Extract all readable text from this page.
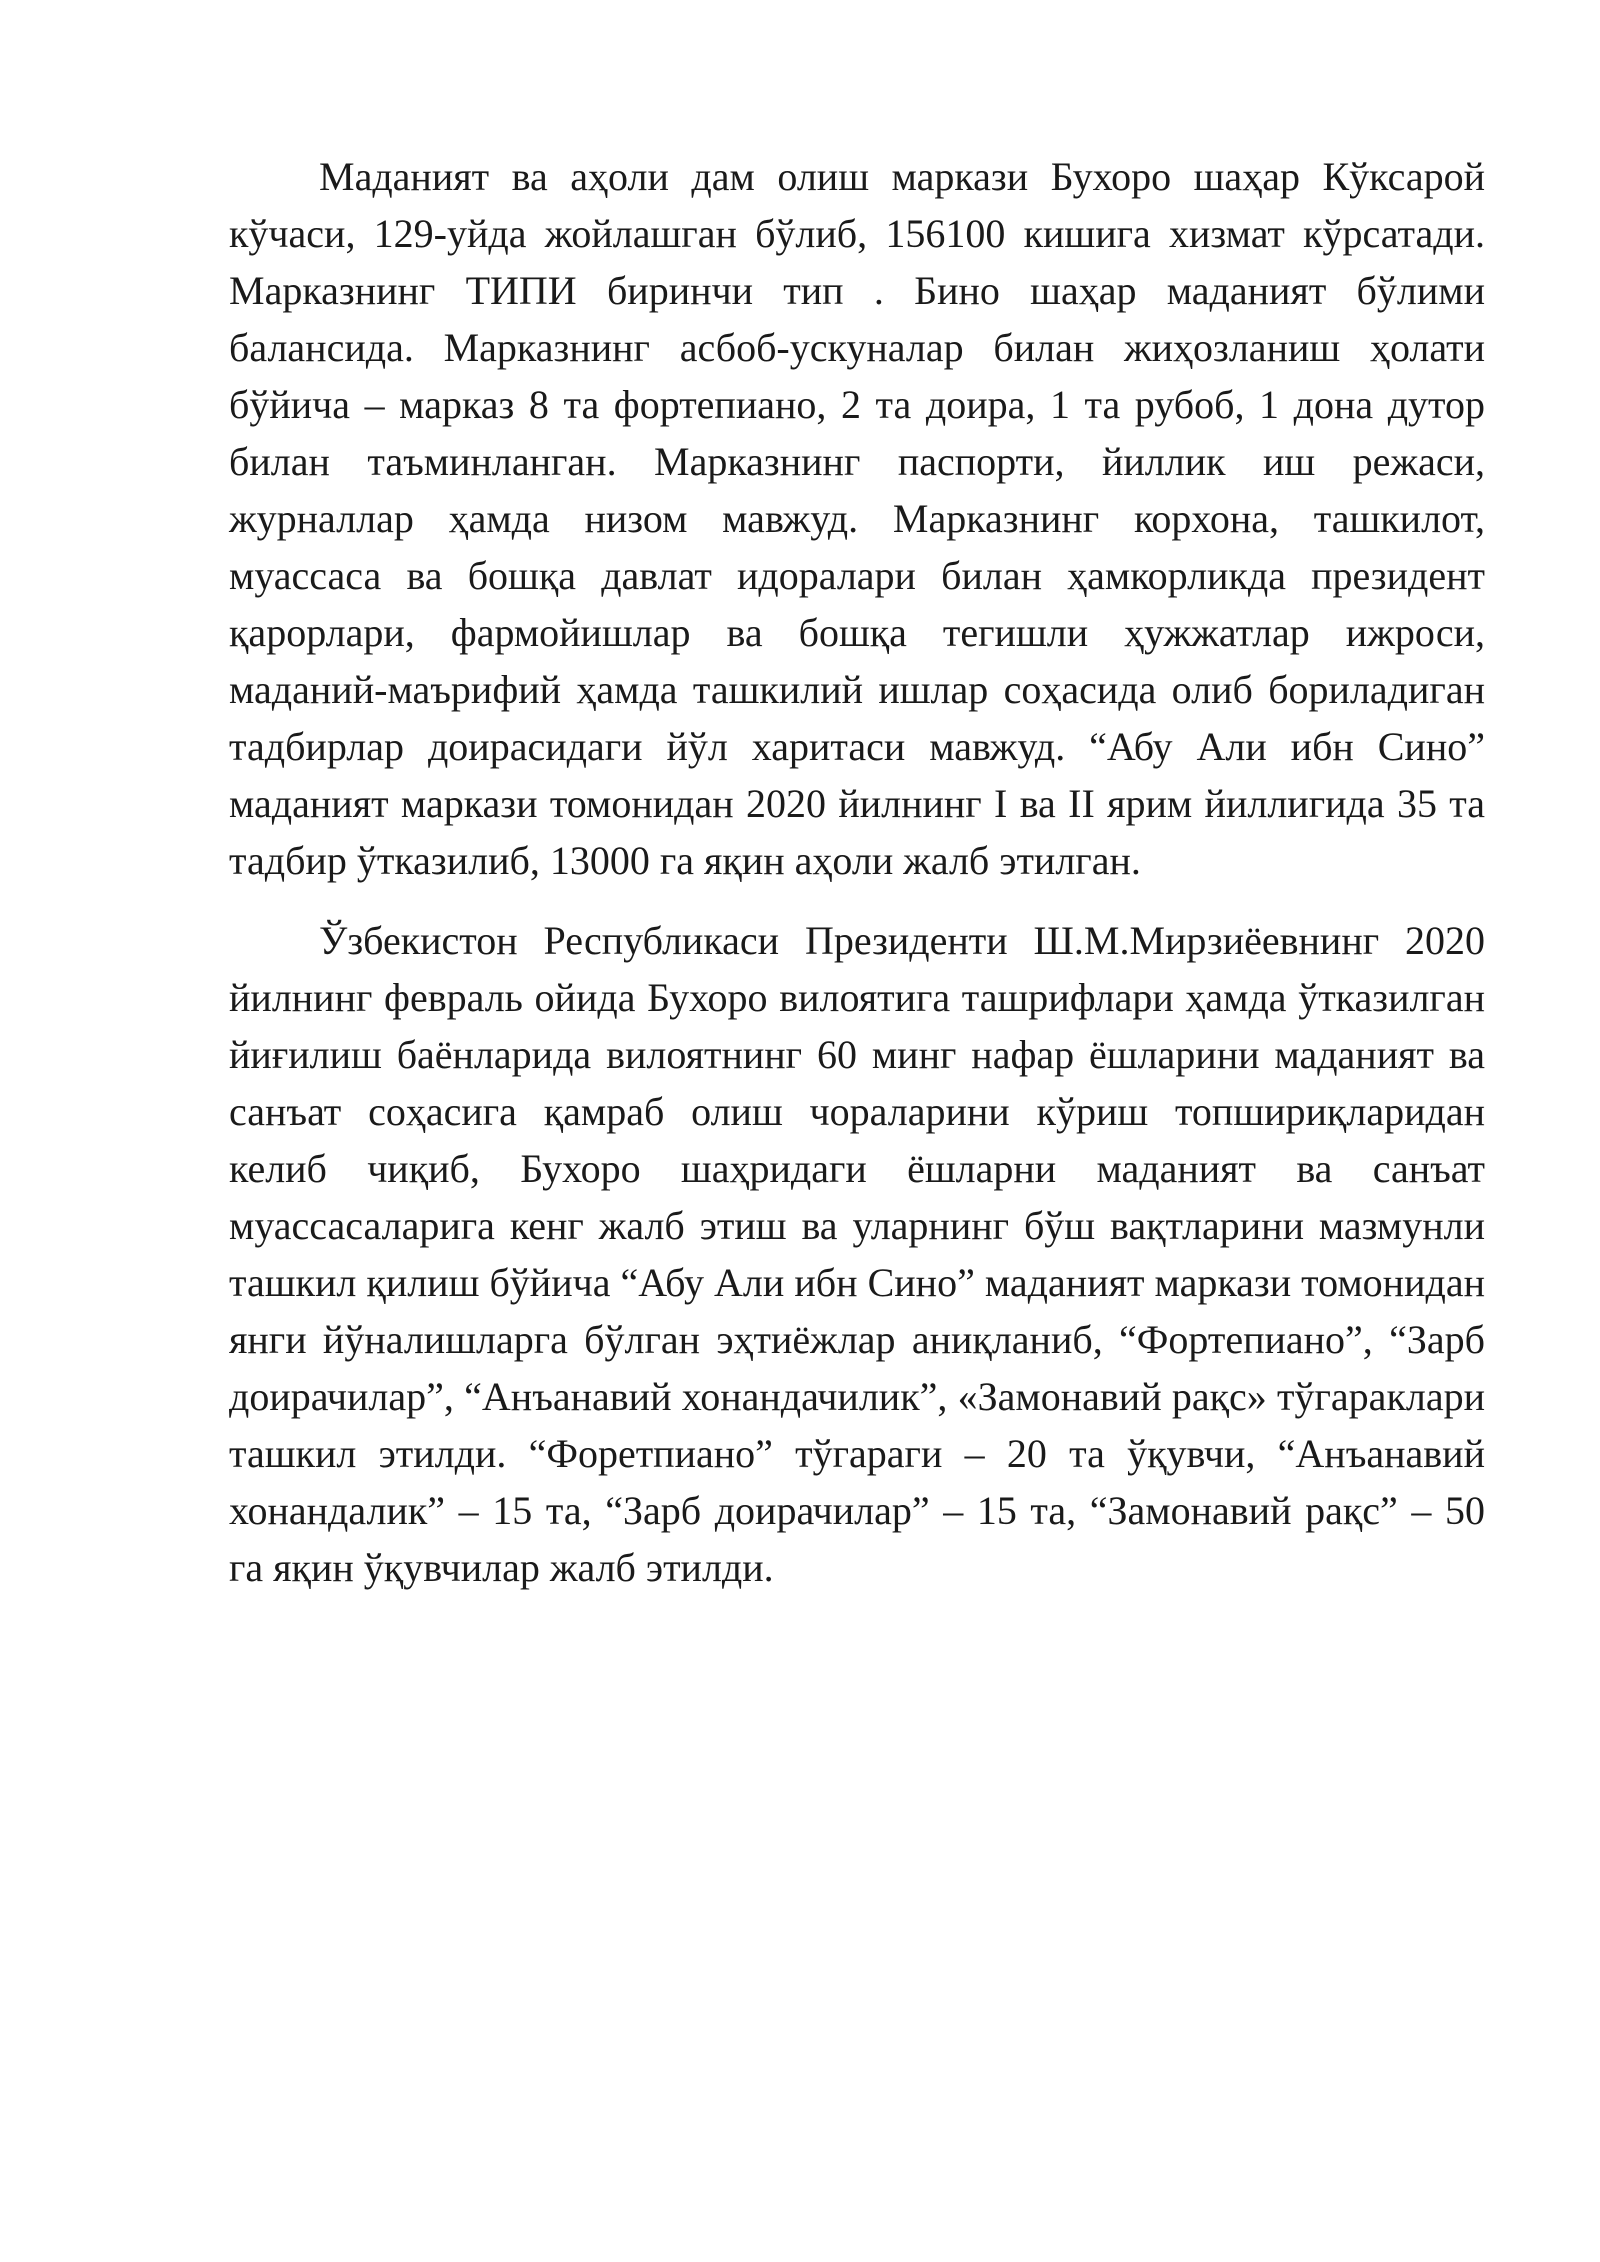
Маданият ва аҳоли дам олиш маркази Бухоро шаҳар Кўксарой кўчаси, 129-уйда жойлашган бўлиб, 156100 кишига хизмат кўрсатади. Марказнинг ТИПИ биринчи тип . Бино шаҳар маданият бўлими балансида. Марказнинг асбоб-ускуналар билан жиҳозланиш ҳолати бўйича – марказ 8 та фортепиано, 2 та доира, 1 та рубоб, 1 дона дутор билан таъминланган. Марказнинг паспорти, йиллик иш режаси, журналлар ҳамда низом мавжуд. Марказнинг корхона, ташкилот, муассаса ва бошқа давлат идоралари билан ҳамкорликда президент қарорлари, фармойишлар ва бошқа тегишли ҳужжатлар ижроси, маданий-маърифий ҳамда ташкилий ишлар соҳасида олиб бориладиган тадбирлар доирасидаги йўл харитаси мавжуд. “Абу Али ибн Сино” маданият маркази томонидан 2020 йилнинг I ва II ярим йиллигида 35 та тадбир ўтказилиб, 13000 га яқин аҳоли жалб этилган.

Ўзбекистон Республикаси Президенти Ш.М.Мирзиёевнинг 2020 йилнинг февраль ойида Бухоро вилоятига ташрифлари ҳамда ўтказилган йиғилиш баёнларида вилоятнинг 60 минг нафар ёшларини маданият ва санъат соҳасига қамраб олиш чораларини кўриш топшириқларидан келиб чиқиб, Бухоро шаҳридаги ёшларни маданият ва санъат муассасаларига кенг жалб этиш ва уларнинг бўш вақтларини мазмунли ташкил қилиш бўйича “Абу Али ибн Сино” маданият маркази томонидан янги йўналишларга бўлган эҳтиёжлар аниқланиб, “Фортепиано”, “Зарб доирачилар”, “Анъанавий хонандачилик”, «Замонавий рақс» тўгараклари ташкил этилди. “Форетпиано” тўгараги – 20 та ўқувчи, “Анъанавий хонандалик” – 15 та, “Зарб доирачилар” – 15 та, “Замонавий рақс” – 50 га яқин ўқувчилар жалб этилди.
